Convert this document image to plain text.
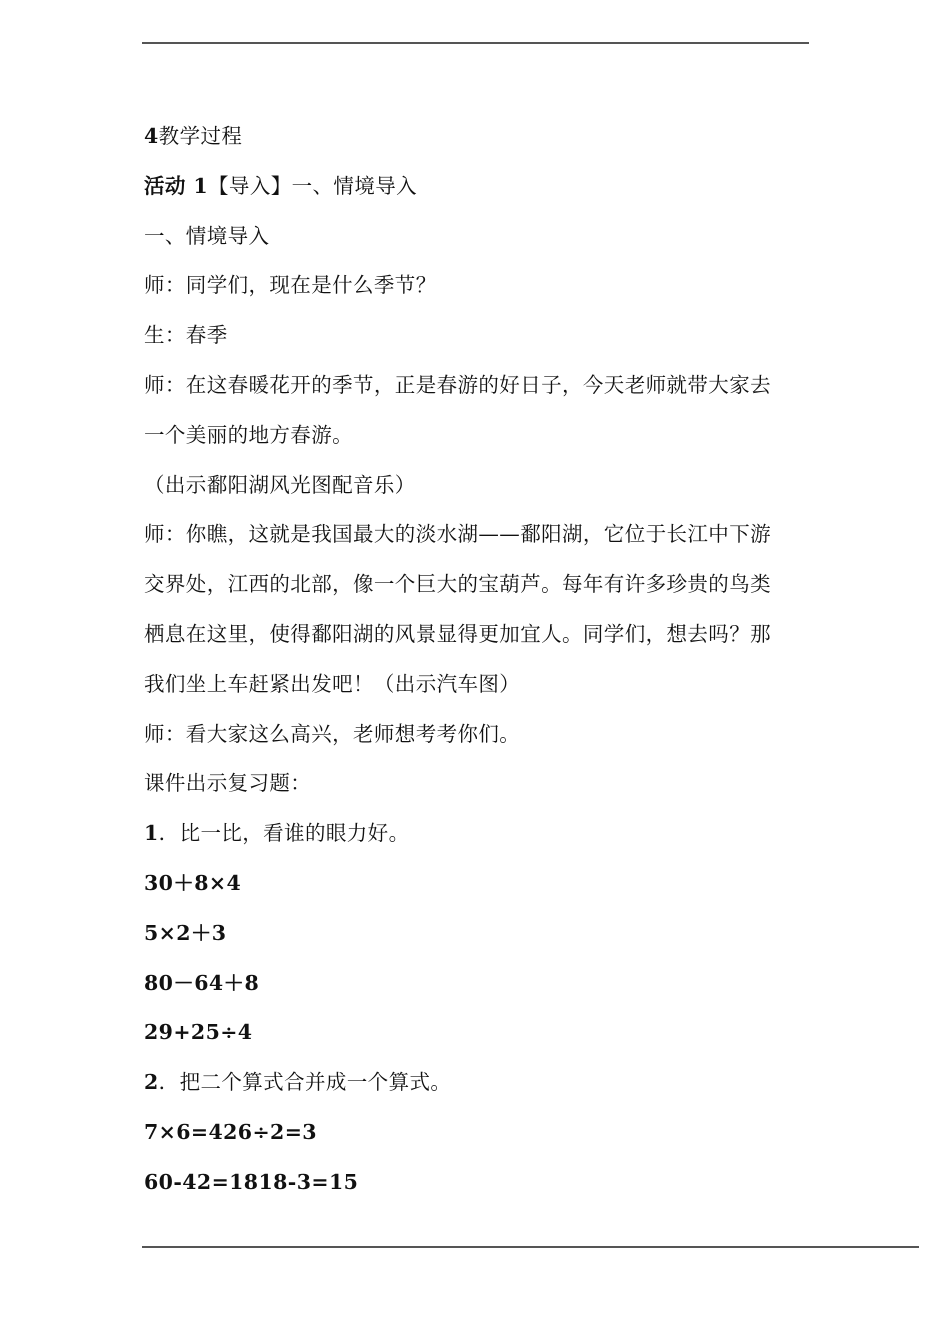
4教学过程
活动 1【导入】一、情境导入
一、情境导入
师：同学们，现在是什么季节？
生：春季
师：在这春暖花开的季节，正是春游的好日子，今天老师就带大家去
一个美丽的地方春游。
（出示鄱阳湖风光图配音乐）
师：你瞧，这就是我国最大的淡水湖——鄱阳湖，它位于长江中下游
交界处，江西的北部，像一个巨大的宝葫芦。每年有许多珍贵的鸟类
栖息在这里，使得鄱阳湖的风景显得更加宜人。同学们，想去吗？那
我们坐上车赶紧出发吧！（出示汽车图）
师：看大家这么高兴，老师想考考你们。
课件出示复习题：
1．比一比，看谁的眼力好。
30＋8×4
5×2＋3
80－64＋8
29+25÷4
2．把二个算式合并成一个算式。
7×6=426÷2=3
60-42=1818-3=15
